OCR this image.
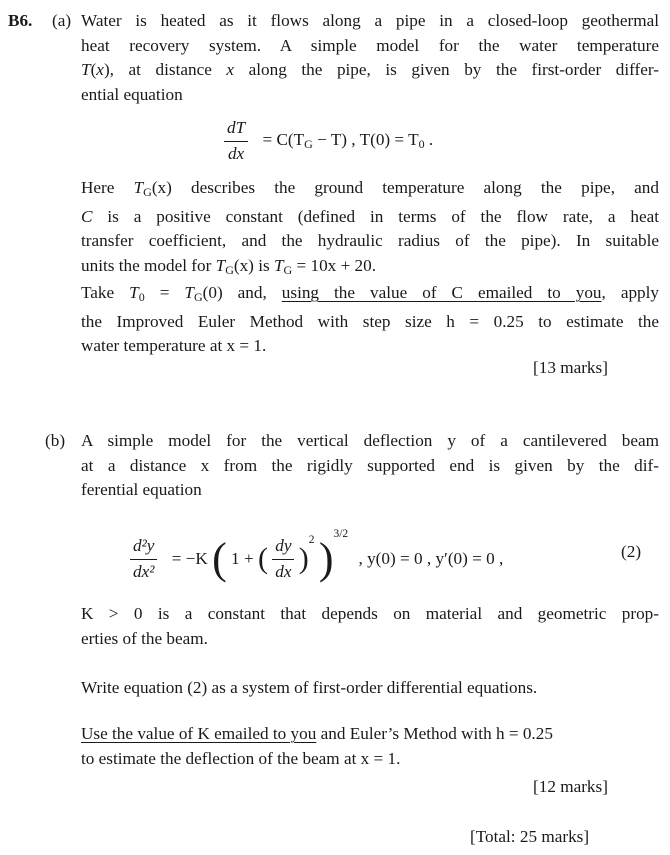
B6. (a) Water is heated as it flows along a pipe in a closed-loop geothermal
heat recovery system. A simple model for the water temperature
T(x), at distance x along the pipe, is given by the first-order differ-
ential equation
$\frac{dT}{dx} = C(T_G - T)$ , $T(0) = T_0$ .
Here $T_G(x)$ describes the ground temperature along the pipe, and
C is a positive constant (defined in terms of the flow rate, a heat
transfer coefficient, and the hydraulic radius of the pipe). In suitable
units the model for $T_G(x)$ is $T_G = 10x + 20$.
Take $T_0 = T_G(0)$ and, using the value of C emailed to you, apply
the Improved Euler Method with step size h = 0.25 to estimate the
water temperature at x = 1.
[13 marks]
(b) A simple model for the vertical deflection y of a cantilevered beam
at a distance x from the rigidly supported end is given by the dif-
ferential equation
$\frac{\text{d²y}}{\text{dx²}} = -K$ ( 1 + ( $\frac{dy}{dx} )^2$ )$^{3/2}$ , y(0) = 0 , y′(0) = 0 ,	(2)
K > 0 is a constant that depends on material and geometric prop-
erties of the beam.
Write equation (2) as a system of first-order differential equations.
Use the value of K emailed to you and Euler’s Method with h = 0.25
to estimate the deflection of the beam at x = 1.
[12 marks]
[Total: 25 marks]
